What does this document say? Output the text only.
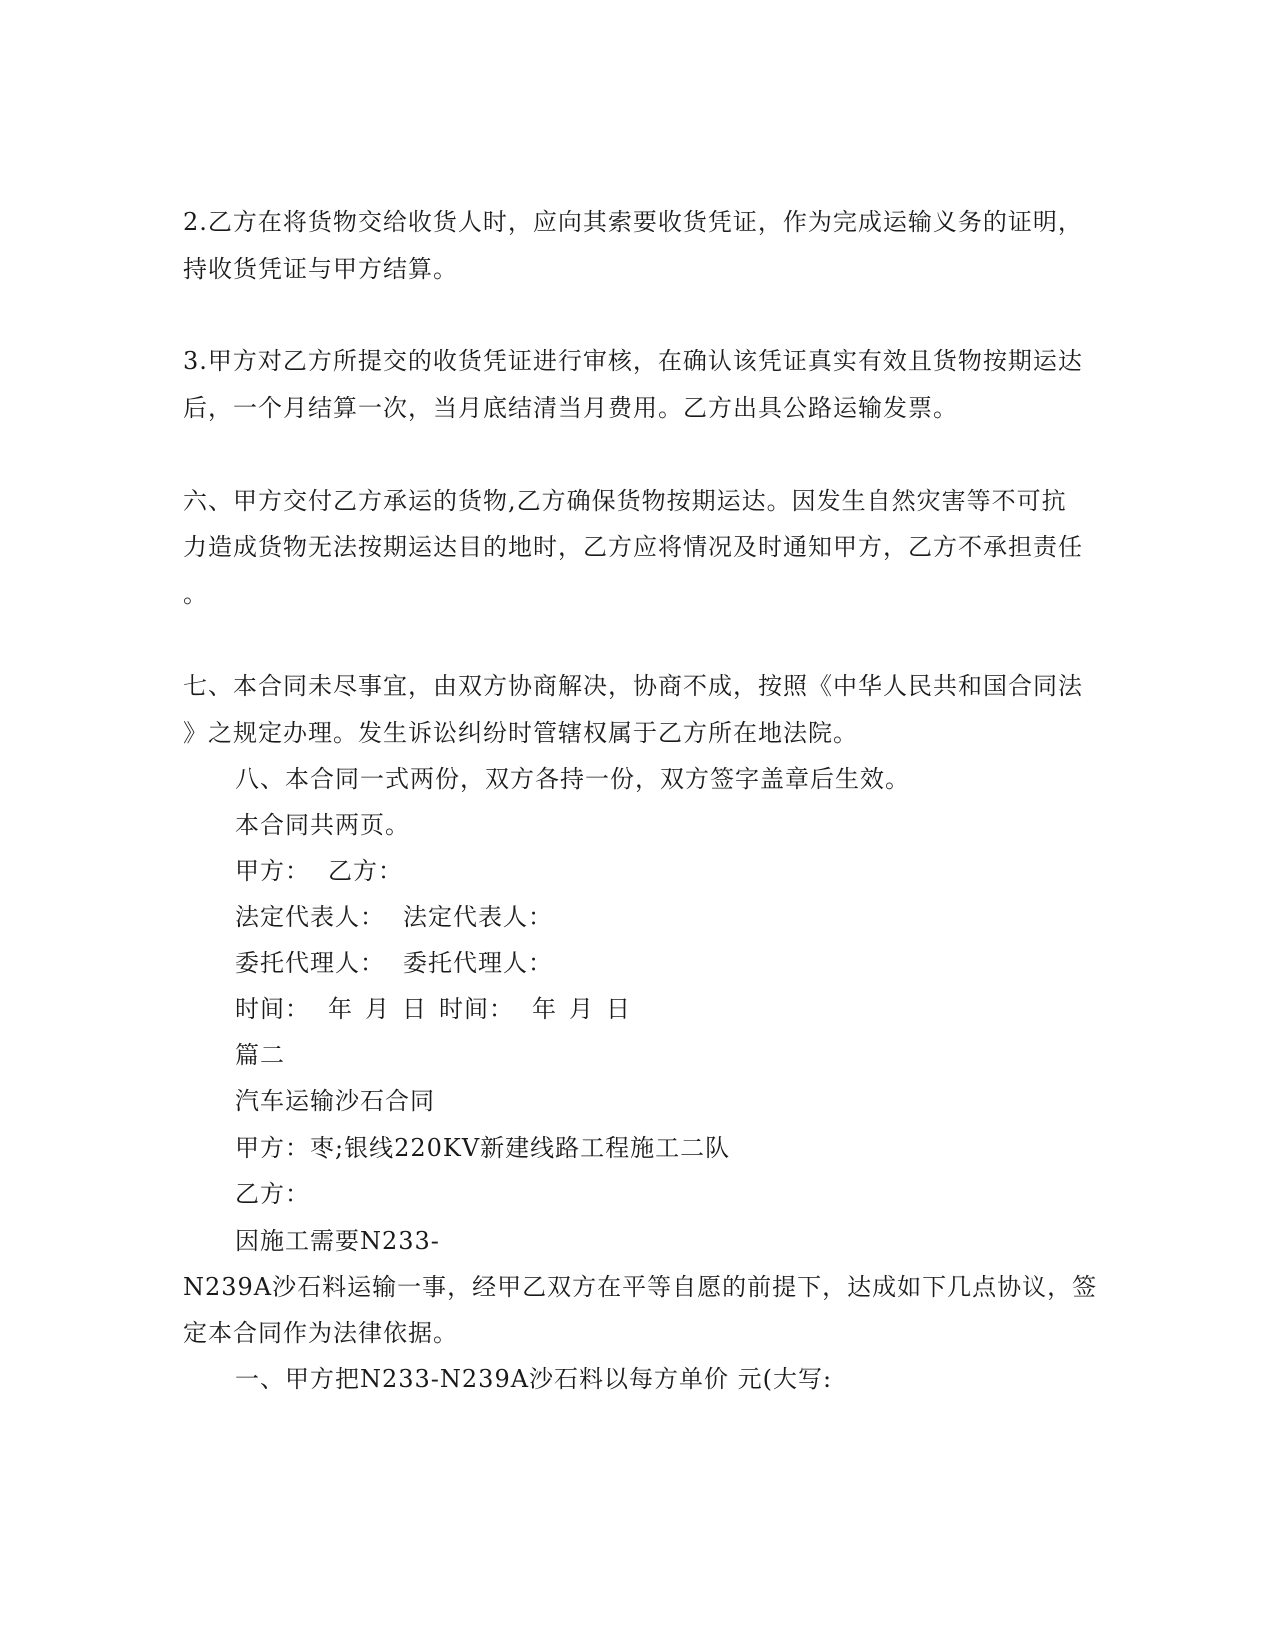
2.乙方在将货物交给收货人时，应向其索要收货凭证，作为完成运输义务的证明，
持收货凭证与甲方结算。
3.甲方对乙方所提交的收货凭证进行审核，在确认该凭证真实有效且货物按期运达
后，一个月结算一次，当月底结清当月费用。乙方出具公路运输发票。
六、甲方交付乙方承运的货物,乙方确保货物按期运达。因发生自然灾害等不可抗
力造成货物无法按期运达目的地时，乙方应将情况及时通知甲方，乙方不承担责任
。
七、本合同未尽事宜，由双方协商解决，协商不成，按照《中华人民共和国合同法
》之规定办理。发生诉讼纠纷时管辖权属于乙方所在地法院。
八、本合同一式两份，双方各持一份，双方签字盖章后生效。
本合同共两页。
甲方： 乙方：
法定代表人： 法定代表人：
委托代理人： 委托代理人：
时间： 年 月 日 时间： 年 月 日
篇二
汽车运输沙石合同
甲方：枣;银线220KV新建线路工程施工二队
乙方：
因施工需要N233-
N239A沙石料运输一事，经甲乙双方在平等自愿的前提下，达成如下几点协议，签
定本合同作为法律依据。
一、甲方把N233-N239A沙石料以每方单价 元(大写:
